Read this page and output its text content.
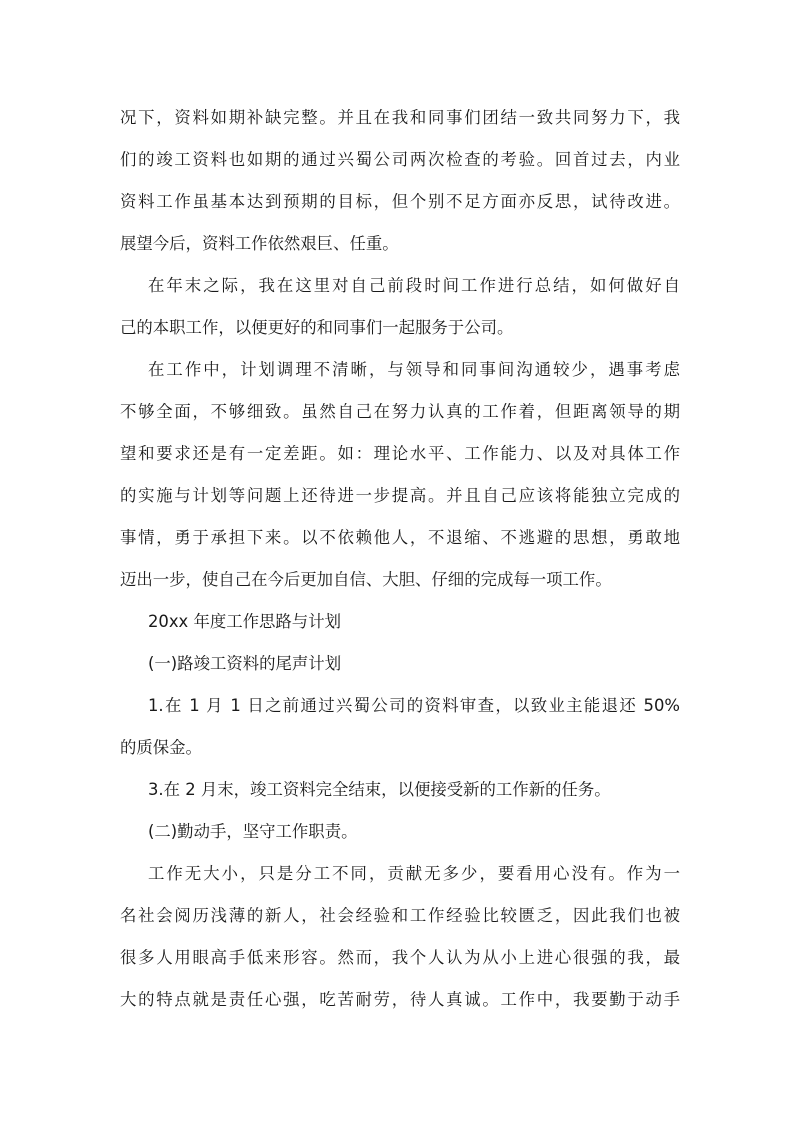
况下，资料如期补缺完整。并且在我和同事们团结一致共同努力下，我
们的竣工资料也如期的通过兴蜀公司两次检查的考验。回首过去，内业
资料工作虽基本达到预期的目标，但个别不足方面亦反思，试待改进。
展望今后，资料工作依然艰巨、任重。
在年末之际，我在这里对自己前段时间工作进行总结，如何做好自
己的本职工作，以便更好的和同事们一起服务于公司。
在工作中，计划调理不清晰，与领导和同事间沟通较少，遇事考虑
不够全面，不够细致。虽然自己在努力认真的工作着，但距离领导的期
望和要求还是有一定差距。如：理论水平、工作能力、以及对具体工作
的实施与计划等问题上还待进一步提高。并且自己应该将能独立完成的
事情，勇于承担下来。以不依赖他人，不退缩、不逃避的思想，勇敢地
迈出一步，使自己在今后更加自信、大胆、仔细的完成每一项工作。
20xx 年度工作思路与计划
(一)路竣工资料的尾声计划
1.在 1 月 1 日之前通过兴蜀公司的资料审查，以致业主能退还 50%
的质保金。
3.在 2 月末，竣工资料完全结束，以便接受新的工作新的任务。
(二)勤动手，坚守工作职责。
工作无大小，只是分工不同，贡献无多少，要看用心没有。作为一
名社会阅历浅薄的新人，社会经验和工作经验比较匮乏，因此我们也被
很多人用眼高手低来形容。然而，我个人认为从小上进心很强的我，最
大的特点就是责任心强，吃苦耐劳，待人真诚。工作中，我要勤于动手
